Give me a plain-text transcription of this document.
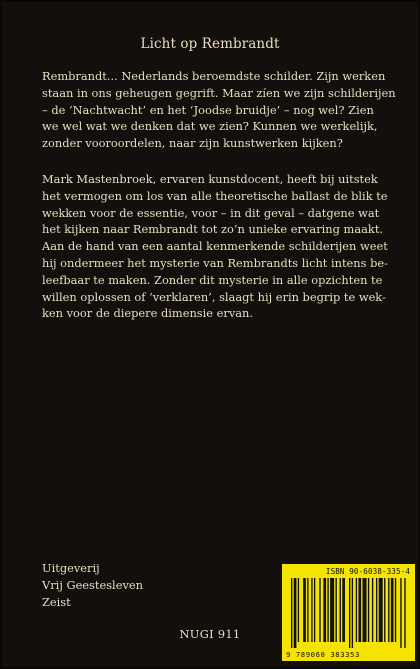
Licht op Rembrandt
Rembrandt... Nederlands beroemdste schilder. Zijn werken
staan in ons geheugen gegrift. Maar zíen we zijn schilderijen
– de ‘Nachtwacht’ en het ‘Joodse bruidje’ – nog wel? Zien
we wel wat we denken dat we zien? Kunnen we werkelijk,
zonder vooroordelen, naar zijn kunstwerken kijken?
Mark Mastenbroek, ervaren kunstdocent, heeft bij uitstek
het vermogen om los van alle theoretische ballast de blik te
wekken voor de essentie, voor – in dit geval – datgene wat
het kijken naar Rembrandt tot zo’n unieke ervaring maakt.
Aan de hand van een aantal kenmerkende schilderijen weet
hij ondermeer het mysterie van Rembrandts licht intens be-
leefbaar te maken. Zonder dit mysterie in alle opzichten te
willen oplossen of ‘verklaren’, slaagt hij erin begrip te wek-
ken voor de diepere dimensie ervan.
Uitgeverij
Vrij Geestesleven
Zeist
NUGI 911
ISBN 90-6038-335-4
9 789060 383353
